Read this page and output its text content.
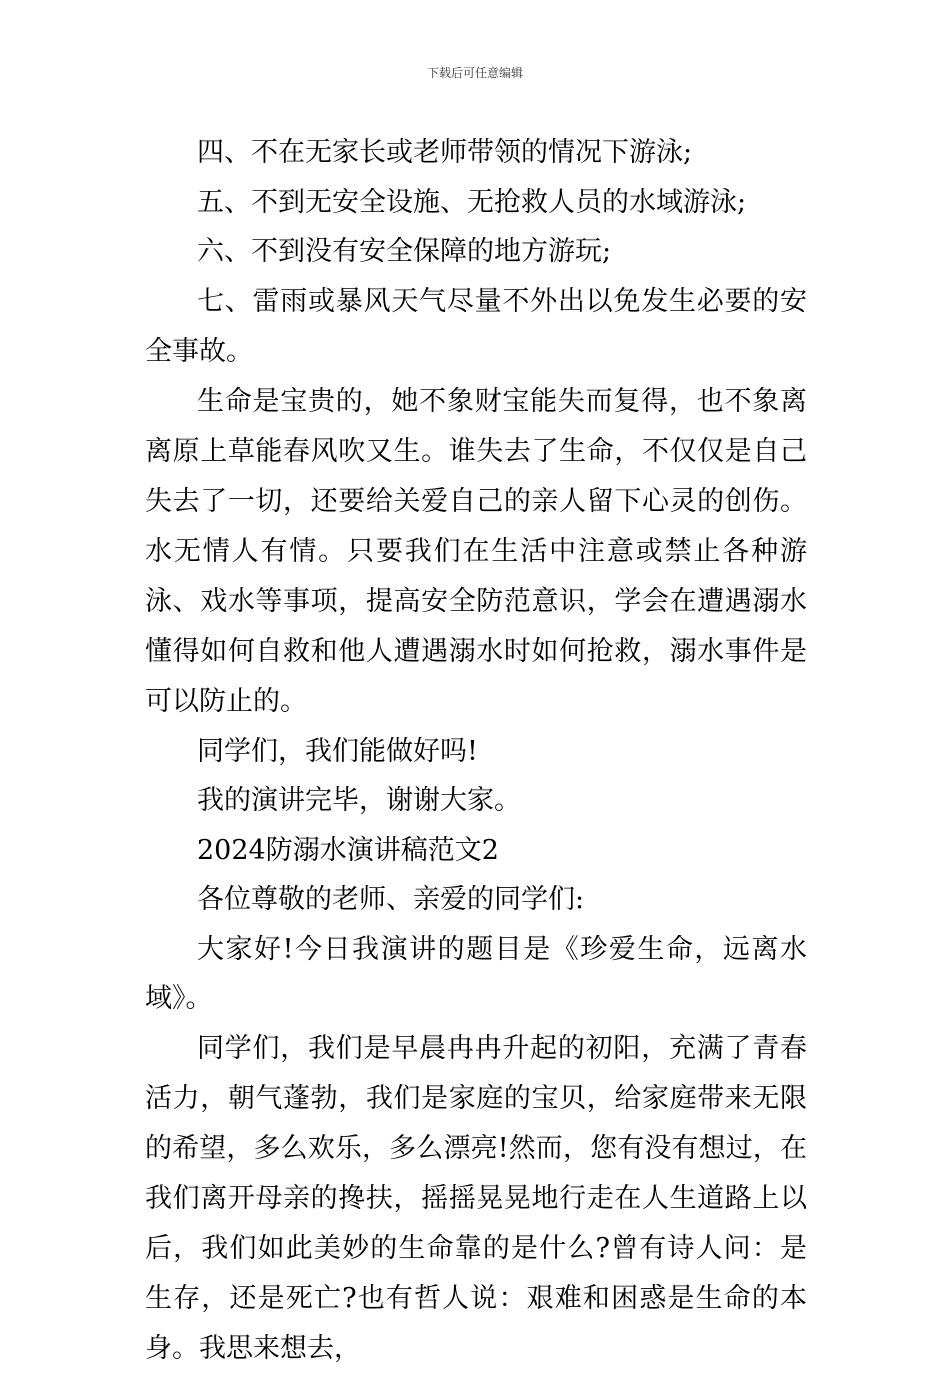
下载后可任意编辑

四、不在无家长或老师带领的情况下游泳;

五、不到无安全设施、无抢救人员的水域游泳;

六、不到没有安全保障的地方游玩;

七、雷雨或暴风天气尽量不外出以免发生必要的安全事故。

生命是宝贵的，她不象财宝能失而复得，也不象离离原上草能春风吹又生。谁失去了生命，不仅仅是自己失去了一切，还要给关爱自己的亲人留下心灵的创伤。水无情人有情。只要我们在生活中注意或禁止各种游泳、戏水等事项，提高安全防范意识，学会在遭遇溺水懂得如何自救和他人遭遇溺水时如何抢救，溺水事件是可以防止的。

同学们，我们能做好吗!

我的演讲完毕，谢谢大家。

2024防溺水演讲稿范文2

各位尊敬的老师、亲爱的同学们:

大家好!今日我演讲的题目是《珍爱生命，远离水域》。

同学们，我们是早晨冉冉升起的初阳，充满了青春活力，朝气蓬勃，我们是家庭的宝贝，给家庭带来无限的希望，多么欢乐，多么漂亮!然而，您有没有想过，在我们离开母亲的搀扶，摇摇晃晃地行走在人生道路上以后，我们如此美妙的生命靠的是什么?曾有诗人问：是生存，还是死亡?也有哲人说：艰难和困惑是生命的本身。我思来想去，
